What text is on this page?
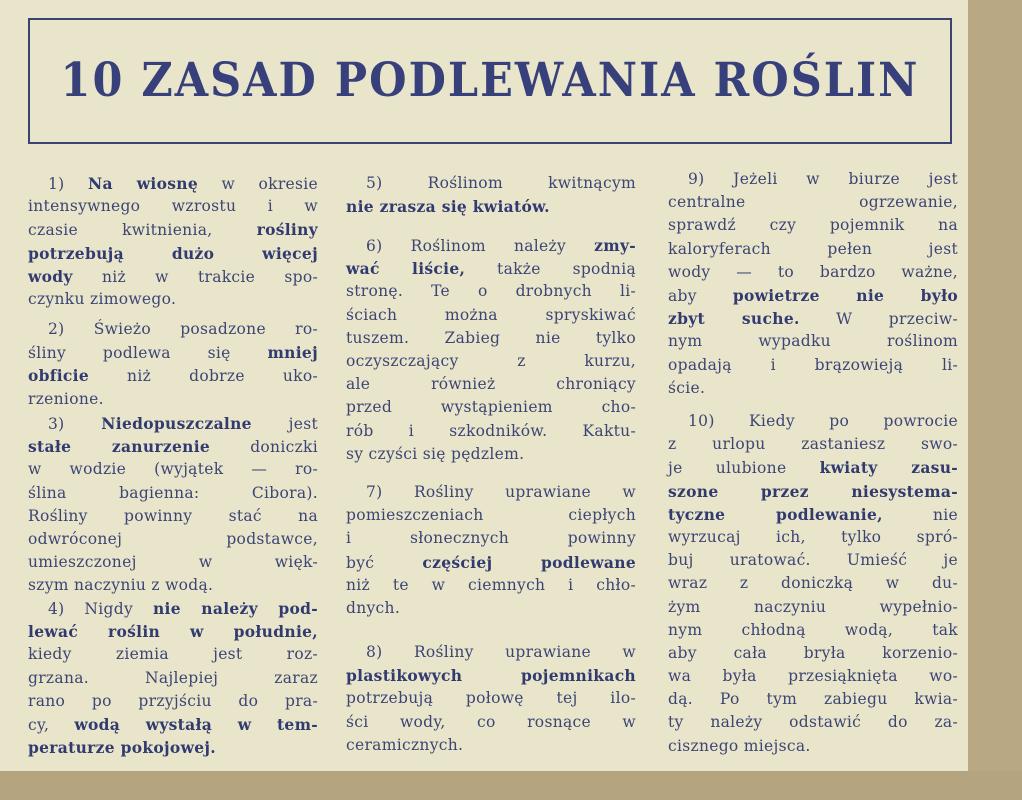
10 ZASAD PODLEWANIA ROŚLIN
1) Na wiosnę w okresie
intensywnego wzrostu i w
czasie kwitnienia, rośliny
potrzebują dużo więcej
wody niż w trakcie spo-
czynku zimowego.
2) Świeżo posadzone ro-
śliny podlewa się mniej
obficie niż dobrze uko-
rzenione.
3) Niedopuszczalne jest
stałe zanurzenie doniczki
w wodzie (wyjątek — ro-
ślina bagienna: Cibora).
Rośliny powinny stać na
odwróconej podstawce,
umieszczonej w więk-
szym naczyniu z wodą.
4) Nigdy nie należy pod-
lewać roślin w południe,
kiedy ziemia jest roz-
grzana. Najlepiej zaraz
rano po przyjściu do pra-
cy, wodą wystałą w tem-
peraturze pokojowej.
5) Roślinom kwitnącym
nie zrasza się kwiatów.
6) Roślinom należy zmy-
wać liście, także spodnią
stronę. Te o drobnych li-
ściach można spryskiwać
tuszem. Zabieg nie tylko
oczyszczający z kurzu,
ale również chroniący
przed wystąpieniem cho-
rób i szkodników. Kaktu-
sy czyści się pędzlem.
7) Rośliny uprawiane w
pomieszczeniach ciepłych
i słonecznych powinny
być częściej podlewane
niż te w ciemnych i chło-
dnych.
8) Rośliny uprawiane w
plastikowych pojemnikach
potrzebują połowę tej ilo-
ści wody, co rosnące w
ceramicznych.
9) Jeżeli w biurze jest
centralne ogrzewanie,
sprawdź czy pojemnik na
kaloryferach pełen jest
wody — to bardzo ważne,
aby powietrze nie było
zbyt suche. W przeciw-
nym wypadku roślinom
opadają i brązowieją li-
ście.
10) Kiedy po powrocie
z urlopu zastaniesz swo-
je ulubione kwiaty zasu-
szone przez niesystema-
tyczne podlewanie, nie
wyrzucaj ich, tylko spró-
buj uratować. Umieść je
wraz z doniczką w du-
żym naczyniu wypełnio-
nym chłodną wodą, tak
aby cała bryła korzenio-
wa była przesiąknięta wo-
dą. Po tym zabiegu kwia-
ty należy odstawić do za-
cisznego miejsca.
